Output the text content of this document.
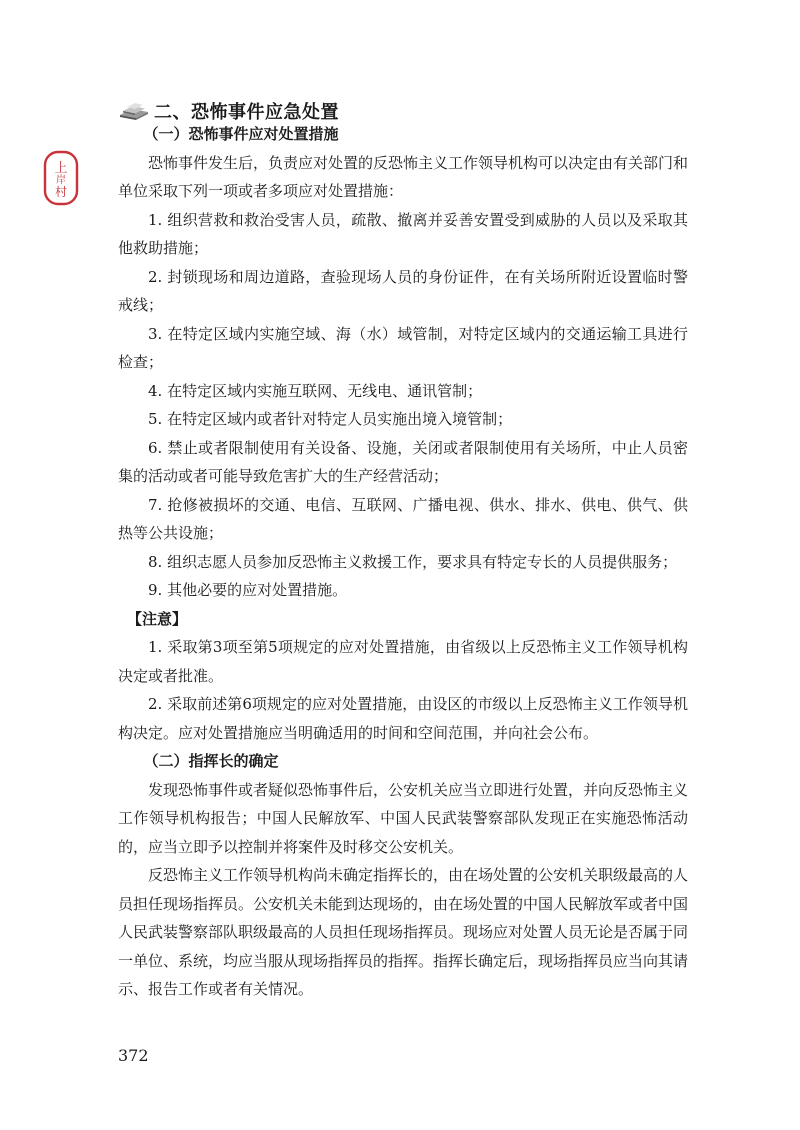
上
岸
村
二、恐怖事件应急处置

（一）恐怖事件应对处置措施

恐怖事件发生后，负责应对处置的反恐怖主义工作领导机构可以决定由有关部门和单位采取下列一项或者多项应对处置措施：

1. 组织营救和救治受害人员，疏散、撤离并妥善安置受到威胁的人员以及采取其他救助措施；

2. 封锁现场和周边道路，查验现场人员的身份证件，在有关场所附近设置临时警戒线；

3. 在特定区域内实施空域、海（水）域管制，对特定区域内的交通运输工具进行检查；

4. 在特定区域内实施互联网、无线电、通讯管制；

5. 在特定区域内或者针对特定人员实施出境入境管制；

6. 禁止或者限制使用有关设备、设施，关闭或者限制使用有关场所，中止人员密集的活动或者可能导致危害扩大的生产经营活动；

7. 抢修被损坏的交通、电信、互联网、广播电视、供水、排水、供电、供气、供热等公共设施；

8. 组织志愿人员参加反恐怖主义救援工作，要求具有特定专长的人员提供服务；

9. 其他必要的应对处置措施。

【注意】

1. 采取第3项至第5项规定的应对处置措施，由省级以上反恐怖主义工作领导机构决定或者批准。

2. 采取前述第6项规定的应对处置措施，由设区的市级以上反恐怖主义工作领导机构决定。应对处置措施应当明确适用的时间和空间范围，并向社会公布。

（二）指挥长的确定

发现恐怖事件或者疑似恐怖事件后，公安机关应当立即进行处置，并向反恐怖主义工作领导机构报告；中国人民解放军、中国人民武装警察部队发现正在实施恐怖活动的，应当立即予以控制并将案件及时移交公安机关。

反恐怖主义工作领导机构尚未确定指挥长的，由在场处置的公安机关职级最高的人员担任现场指挥员。公安机关未能到达现场的，由在场处置的中国人民解放军或者中国人民武装警察部队职级最高的人员担任现场指挥员。现场应对处置人员无论是否属于同一单位、系统，均应当服从现场指挥员的指挥。指挥长确定后，现场指挥员应当向其请示、报告工作或者有关情况。

372
